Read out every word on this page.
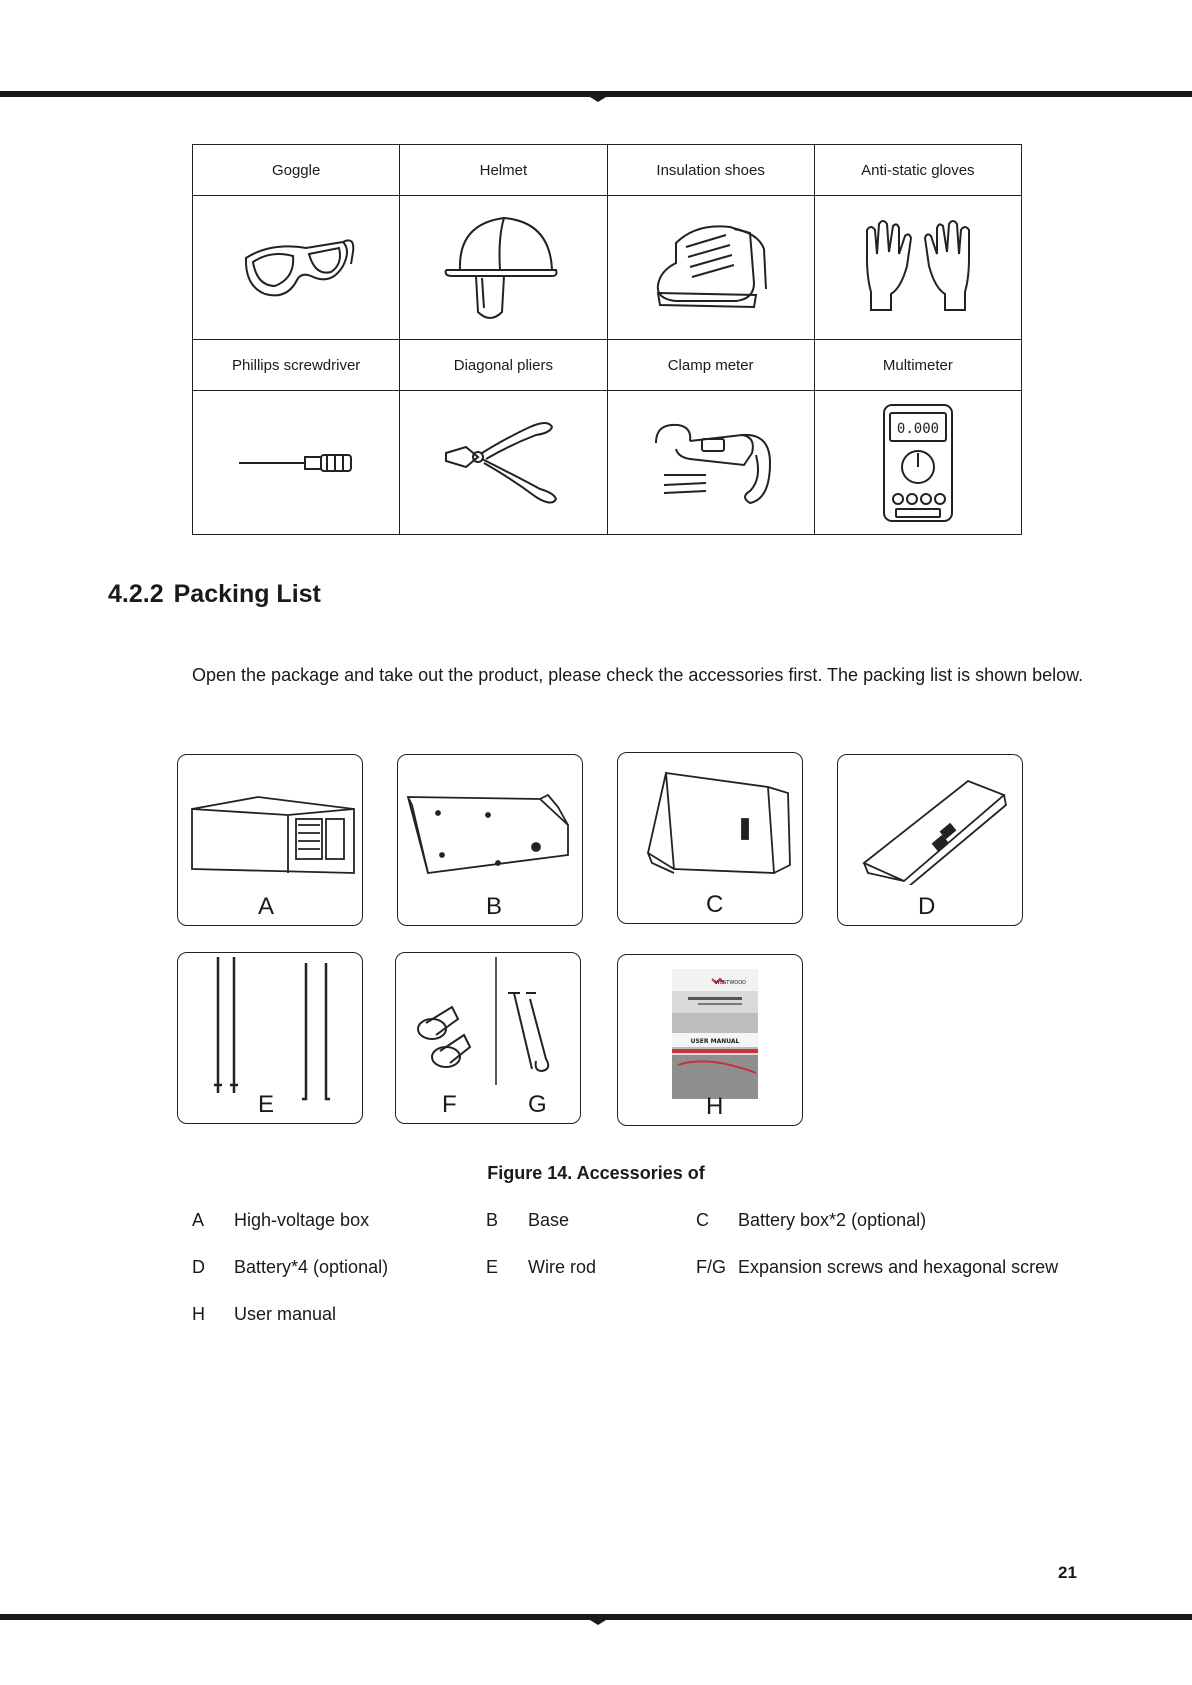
Goggle	Helmet	Insulation shoes	Anti-static gloves

Phillips screwdriver	Diagonal pliers	Clamp meter	Multimeter

0.000
4.2.2 Packing List

Open the package and take out the product, please check the accessories first. The packing list is shown below.

A	B	C	D
E	F	G
WESTWOOD
USER MANUAL
H

Figure 14. Accessories of

A High-voltage box	B Base	C Battery box*2 (optional)
D Battery*4 (optional)	E Wire rod	F/G Expansion screws and hexagonal screw
H User manual
21
